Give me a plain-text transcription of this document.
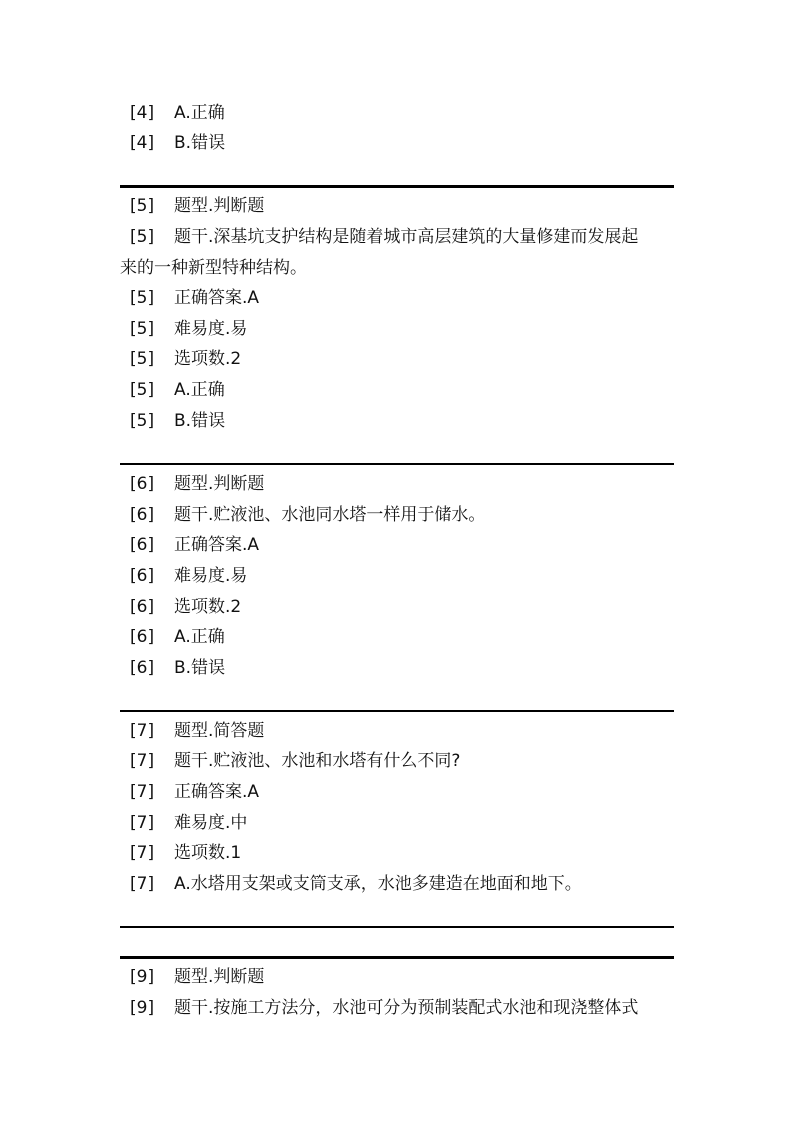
[4] A.正确
[4] B.错误
[5] 题型.判断题
[5] 题干.深基坑支护结构是随着城市高层建筑的大量修建而发展起
来的一种新型特种结构。
[5] 正确答案.A
[5] 难易度.易
[5] 选项数.2
[5] A.正确
[5] B.错误
[6] 题型.判断题
[6] 题干.贮液池、水池同水塔一样用于储水。
[6] 正确答案.A
[6] 难易度.易
[6] 选项数.2
[6] A.正确
[6] B.错误
[7] 题型.简答题
[7] 题干.贮液池、水池和水塔有什么不同?
[7] 正确答案.A
[7] 难易度.中
[7] 选项数.1
[7] A.水塔用支架或支筒支承，水池多建造在地面和地下。
[9] 题型.判断题
[9] 题干.按施工方法分，水池可分为预制装配式水池和现浇整体式
